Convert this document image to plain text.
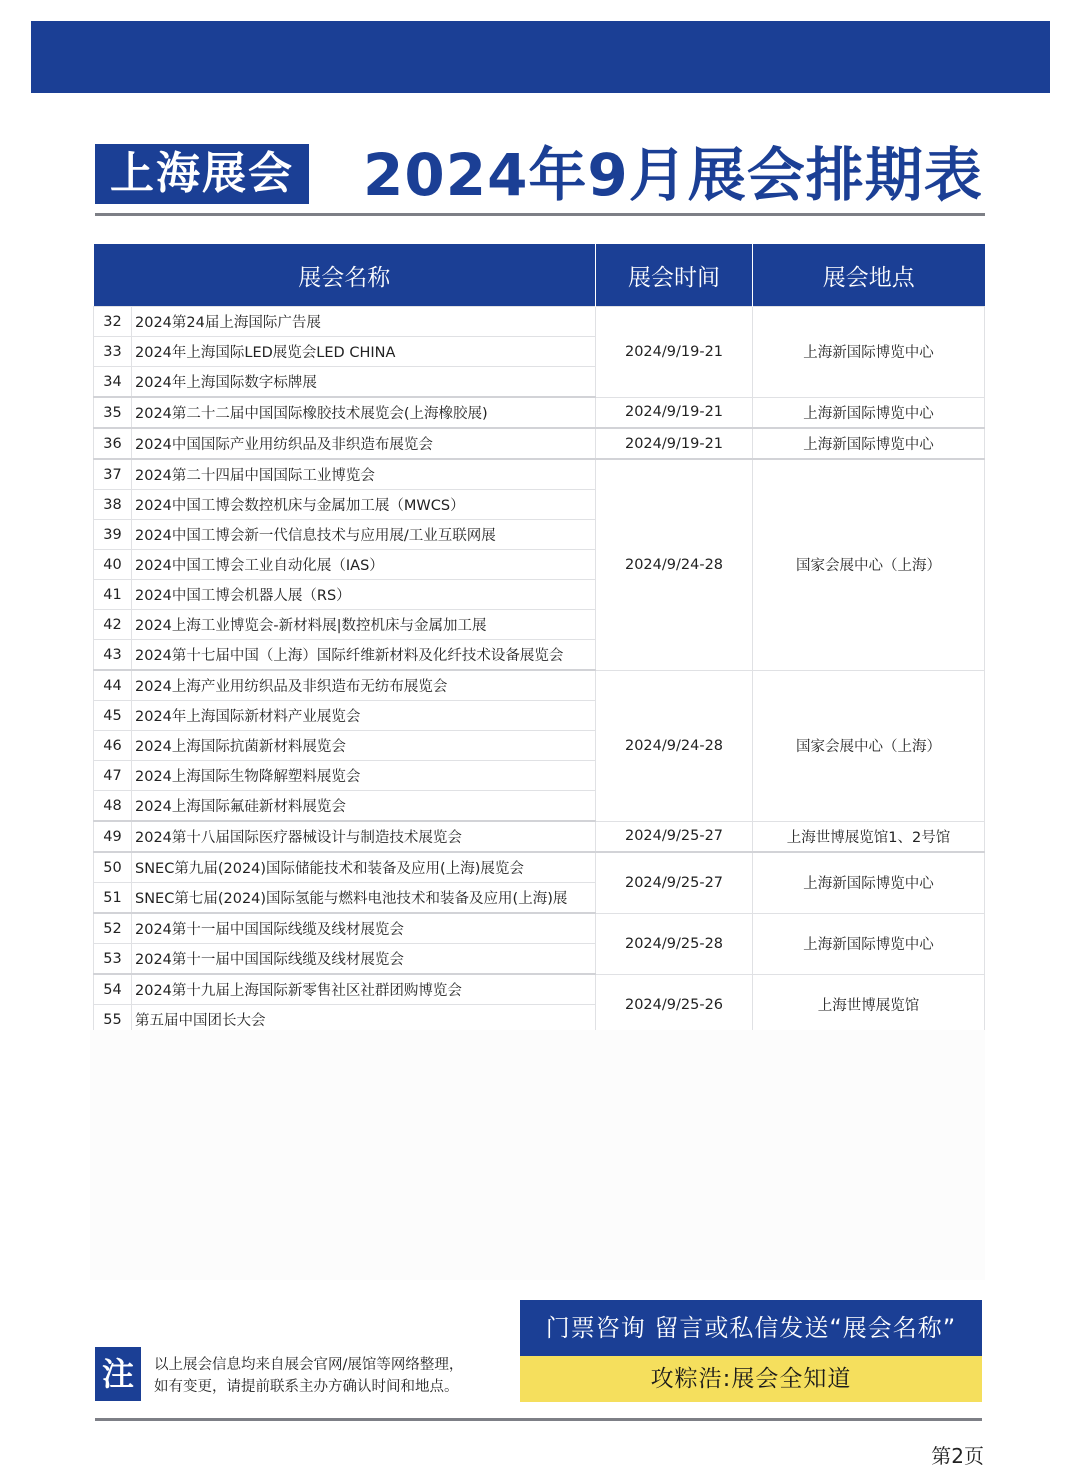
上海展会 2024年9月展会排期表
展会名称		展会时间	展会地点
32	2024第24届上海国际广告展	2024/9/19-21	上海新国际博览中心
33	2024年上海国际LED展览会LED CHINA		
34	2024年上海国际数字标牌展		
35	2024第二十二届中国国际橡胶技术展览会(上海橡胶展)	2024/9/19-21	上海新国际博览中心
36	2024中国国际产业用纺织品及非织造布展览会	2024/9/19-21	上海新国际博览中心
37	2024第二十四届中国国际工业博览会	2024/9/24-28	国家会展中心（上海）
38	2024中国工博会数控机床与金属加工展（MWCS）		
39	2024中国工博会新一代信息技术与应用展/工业互联网展		
40	2024中国工博会工业自动化展（IAS）		
41	2024中国工博会机器人展（RS）		
42	2024上海工业博览会-新材料展|数控机床与金属加工展		
43	2024第十七届中国（上海）国际纤维新材料及化纤技术设备展览会		
44	2024上海产业用纺织品及非织造布无纺布展览会	2024/9/24-28	国家会展中心（上海）
45	2024年上海国际新材料产业展览会		
46	2024上海国际抗菌新材料展览会		
47	2024上海国际生物降解塑料展览会		
48	2024上海国际氟硅新材料展览会		
49	2024第十八届国际医疗器械设计与制造技术展览会	2024/9/25-27	上海世博展览馆1、2号馆
50	SNEC第九届(2024)国际储能技术和装备及应用(上海)展览会	2024/9/25-27	上海新国际博览中心
51	SNEC第七届(2024)国际氢能与燃料电池技术和装备及应用(上海)展		
52	2024第十一届中国国际线缆及线材展览会	2024/9/25-28	上海新国际博览中心
53	2024第十一届中国国际线缆及线材展览会		
54	2024第十九届上海国际新零售社区社群团购博览会	2024/9/25-26	上海世博展览馆
55	第五届中国团长大会		
注	以上展会信息均来自展会官网/展馆等网络整理，
如有变更，请提前联系主办方确认时间和地点。
门票咨询 留言或私信发送“展会名称”
攻粽浩:展会全知道
第2页
